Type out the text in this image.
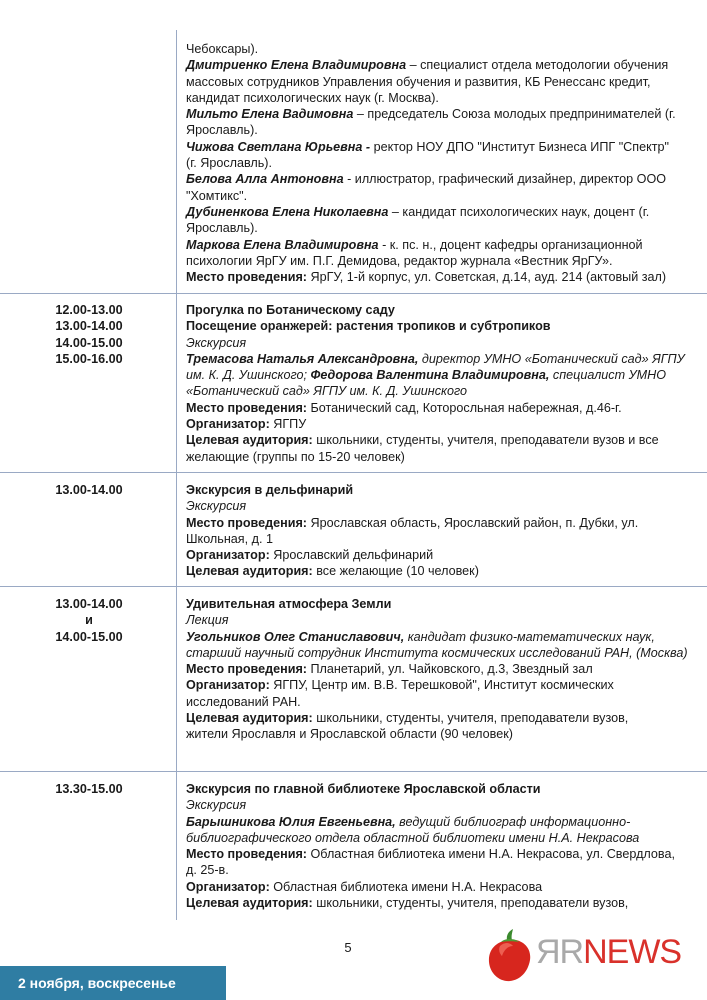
Чебоксары).
Дмитриенко Елена Владимировна – специалист отдела методологии обучения
массовых сотрудников Управления обучения и развития, КБ Ренессанс кредит,
кандидат психологических наук (г. Москва).
Мильто Елена Вадимовна – председатель Союза молодых предпринимателей (г.
Ярославль).
Чижова Светлана Юрьевна - ректор НОУ ДПО "Институт Бизнеса ИПГ "Спектр"
(г. Ярославль).
Белова Алла Антоновна - иллюстратор, графический дизайнер, директор ООО
"Хомтикс".
Дубиненкова Елена Николаевна – кандидат психологических наук, доцент (г.
Ярославль).
Маркова Елена Владимировна - к. пс. н., доцент кафедры организационной
психологии ЯрГУ им. П.Г. Демидова, редактор журнала «Вестник ЯрГУ».
Место проведения: ЯрГУ, 1-й корпус, ул. Советская, д.14, ауд. 214 (актовый зал)
12.00-13.00
13.00-14.00
14.00-15.00
15.00-16.00
Прогулка по Ботаническому саду
Посещение оранжерей: растения тропиков и субтропиков
Экскурсия
Тремасова Наталья Александровна, директор УМНО «Ботанический сад» ЯГПУ
им. К. Д. Ушинского; Федорова Валентина Владимировна, специалист УМНО
«Ботанический сад» ЯГПУ им. К. Д. Ушинского
Место проведения: Ботанический сад, Которосльная набережная, д.46-г.
Организатор: ЯГПУ
Целевая аудитория: школьники, студенты, учителя, преподаватели вузов и все
желающие (группы по 15-20 человек)
13.00-14.00	Экскурсия в дельфинарий
Экскурсия
Место проведения: Ярославская область, Ярославский район, п. Дубки, ул.
Школьная, д. 1
Организатор: Ярославский дельфинарий
Целевая аудитория: все желающие (10 человек)
13.00-14.00
и
14.00-15.00
Удивительная атмосфера Земли
Лекция
Угольников Олег Станиславович, кандидат физико-математических наук,
старший научный сотрудник Института космических исследований РАН, (Москва)
Место проведения: Планетарий, ул. Чайковского, д.3, Звездный зал
Организатор: ЯГПУ, Центр им. В.В. Терешковой", Институт космических
исследований РАН.
Целевая аудитория: школьники, студенты, учителя, преподаватели вузов,
жители Ярославля и Ярославской области (90 человек)
13.30-15.00	Экскурсия по главной библиотеке Ярославской области
Экскурсия
Барышникова Юлия Евгеньевна, ведущий библиограф информационно-
библиографического отдела областной библиотеки имени Н.А. Некрасова
Место проведения: Областная библиотека имени Н.А. Некрасова, ул. Свердлова,
д. 25-в.
Организатор: Областная библиотека имени Н.А. Некрасова
Целевая аудитория: школьники, студенты, учителя, преподаватели вузов,
5
2 ноября, воскресенье
ЯRNEWS
